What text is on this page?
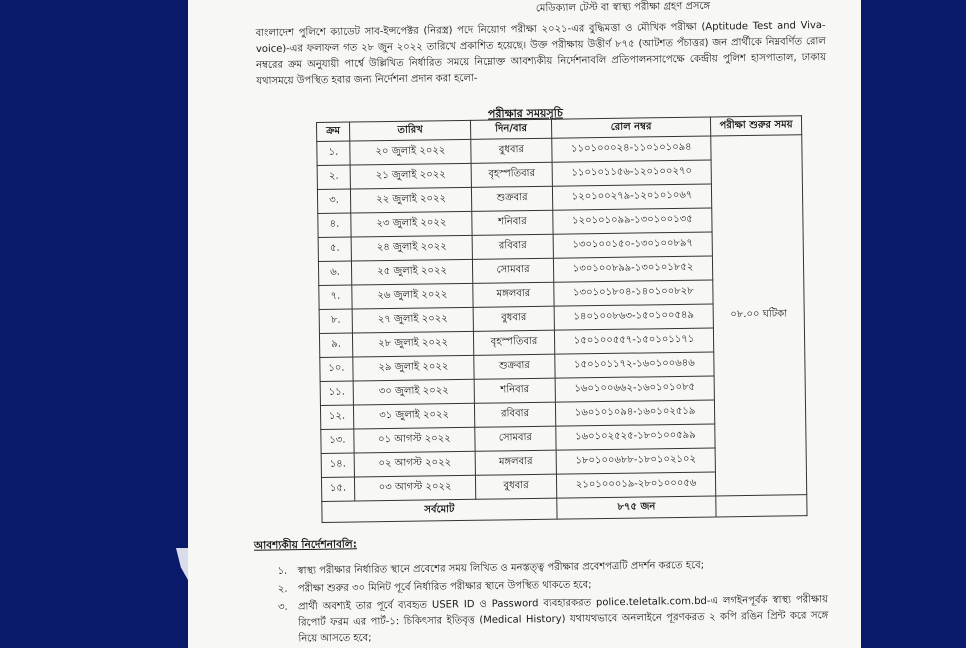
মেডিক্যাল টেস্ট বা স্বাস্থ্য পরীক্ষা গ্রহণ প্রসঙ্গে
বাংলাদেশ পুলিশে ক্যাডেট সাব-ইন্সপেক্টর (নিরস্ত্র) পদে নিয়োগ পরীক্ষা ২০২১-এর বুদ্ধিমত্তা ও মৌখিক পরীক্ষা (Aptitude Test and Viva-voice)-এর ফলাফল গত ২৮ জুন ২০২২ তারিখে প্রকাশিত হয়েছে। উক্ত পরীক্ষায় উত্তীর্ণ ৮৭৫ (আটশত পঁচাত্তর) জন প্রার্থীকে নিম্নবর্ণিত রোল নম্বরের ক্রম অনুযায়ী পার্শ্বে উল্লিখিত নির্ধারিত সময়ে নিম্নোক্ত আবশ্যকীয় নির্দেশনাবলি প্রতিপালনসাপেক্ষে কেন্দ্রীয় পুলিশ হাসপাতাল, ঢাকায় যথাসময়ে উপস্থিত হবার জন্য নির্দেশনা প্রদান করা হলো-
পরীক্ষার সময়সূচি
ক্রম	তারিখ	দিন/বার	রোল নম্বর	পরীক্ষা শুরুর সময়
১.	২০ জুলাই ২০২২	বুধবার	১১০১০০০২৪-১১০১০১০৯৪	০৮.০০ ঘটিকা
২.	২১ জুলাই ২০২২	বৃহস্পতিবার	১১০১০১১৫৬-১২০১০০২৭০	
৩.	২২ জুলাই ২০২২	শুক্রবার	১২০১০০২৭৯-১২০১০১০৬৭	
৪.	২৩ জুলাই ২০২২	শনিবার	১২০১০১০৯৯-১৩০১০০১৩৫	
৫.	২৪ জুলাই ২০২২	রবিবার	১৩০১০০১৫০-১৩০১০০৮৯৭	
৬.	২৫ জুলাই ২০২২	সোমবার	১৩০১০০৮৯৯-১৩০১০১৮৫২	
৭.	২৬ জুলাই ২০২২	মঙ্গলবার	১৩০১০১৮০৪-১৪০১০০৮২৮	
৮.	২৭ জুলাই ২০২২	বুধবার	১৪০১০০৮৬৩-১৫০১০০৫৪৯	
৯.	২৮ জুলাই ২০২২	বৃহস্পতিবার	১৫০১০০৫৫৭-১৫০১০১১৭১	
১০.	২৯ জুলাই ২০২২	শুক্রবার	১৫০১০১১৭২-১৬০১০০৬৪৬	
১১.	৩০ জুলাই ২০২২	শনিবার	১৬০১০০৬৬২-১৬০১০১০৮৫	
১২.	৩১ জুলাই ২০২২	রবিবার	১৬০১০১০৯৪-১৬০১০২৫১৯	
১৩.	০১ আগস্ট ২০২২	সোমবার	১৬০১০২৫২৫-১৮০১০০৫৯৯	
১৪.	০২ আগস্ট ২০২২	মঙ্গলবার	১৮০১০০৬৮৮-১৮০১০২১০২	
১৫.	০৩ আগস্ট ২০২২	বুধবার	২১০১০০০১৯-২৮০১০০০৫৬	
সর্বমোট			৮৭৫ জন	
আবশ্যকীয় নির্দেশনাবলি:
১.	স্বাস্থ্য পরীক্ষার নির্ধারিত স্থানে প্রবেশের সময় লিখিত ও মনস্তত্ত্ব পরীক্ষার প্রবেশপত্রটি প্রদর্শন করতে হবে;
২.	পরীক্ষা শুরুর ৩০ মিনিট পূর্বে নির্ধারিত পরীক্ষার স্থানে উপস্থিত থাকতে হবে;
৩.	প্রার্থী অবশ্যই তার পূর্বে ব্যবহৃত USER ID ও Password ব্যবহারকরত police.teletalk.com.bd-এ লগইনপূর্বক স্বাস্থ্য পরীক্ষায় রিপোর্ট ফরম এর পার্ট-১: চিকিৎসার ইতিবৃত্ত (Medical History) যথাযথভাবে অনলাইনে পূরণকরত ২ কপি রঙিন প্রিন্ট করে সঙ্গে নিয়ে আসতে হবে;
